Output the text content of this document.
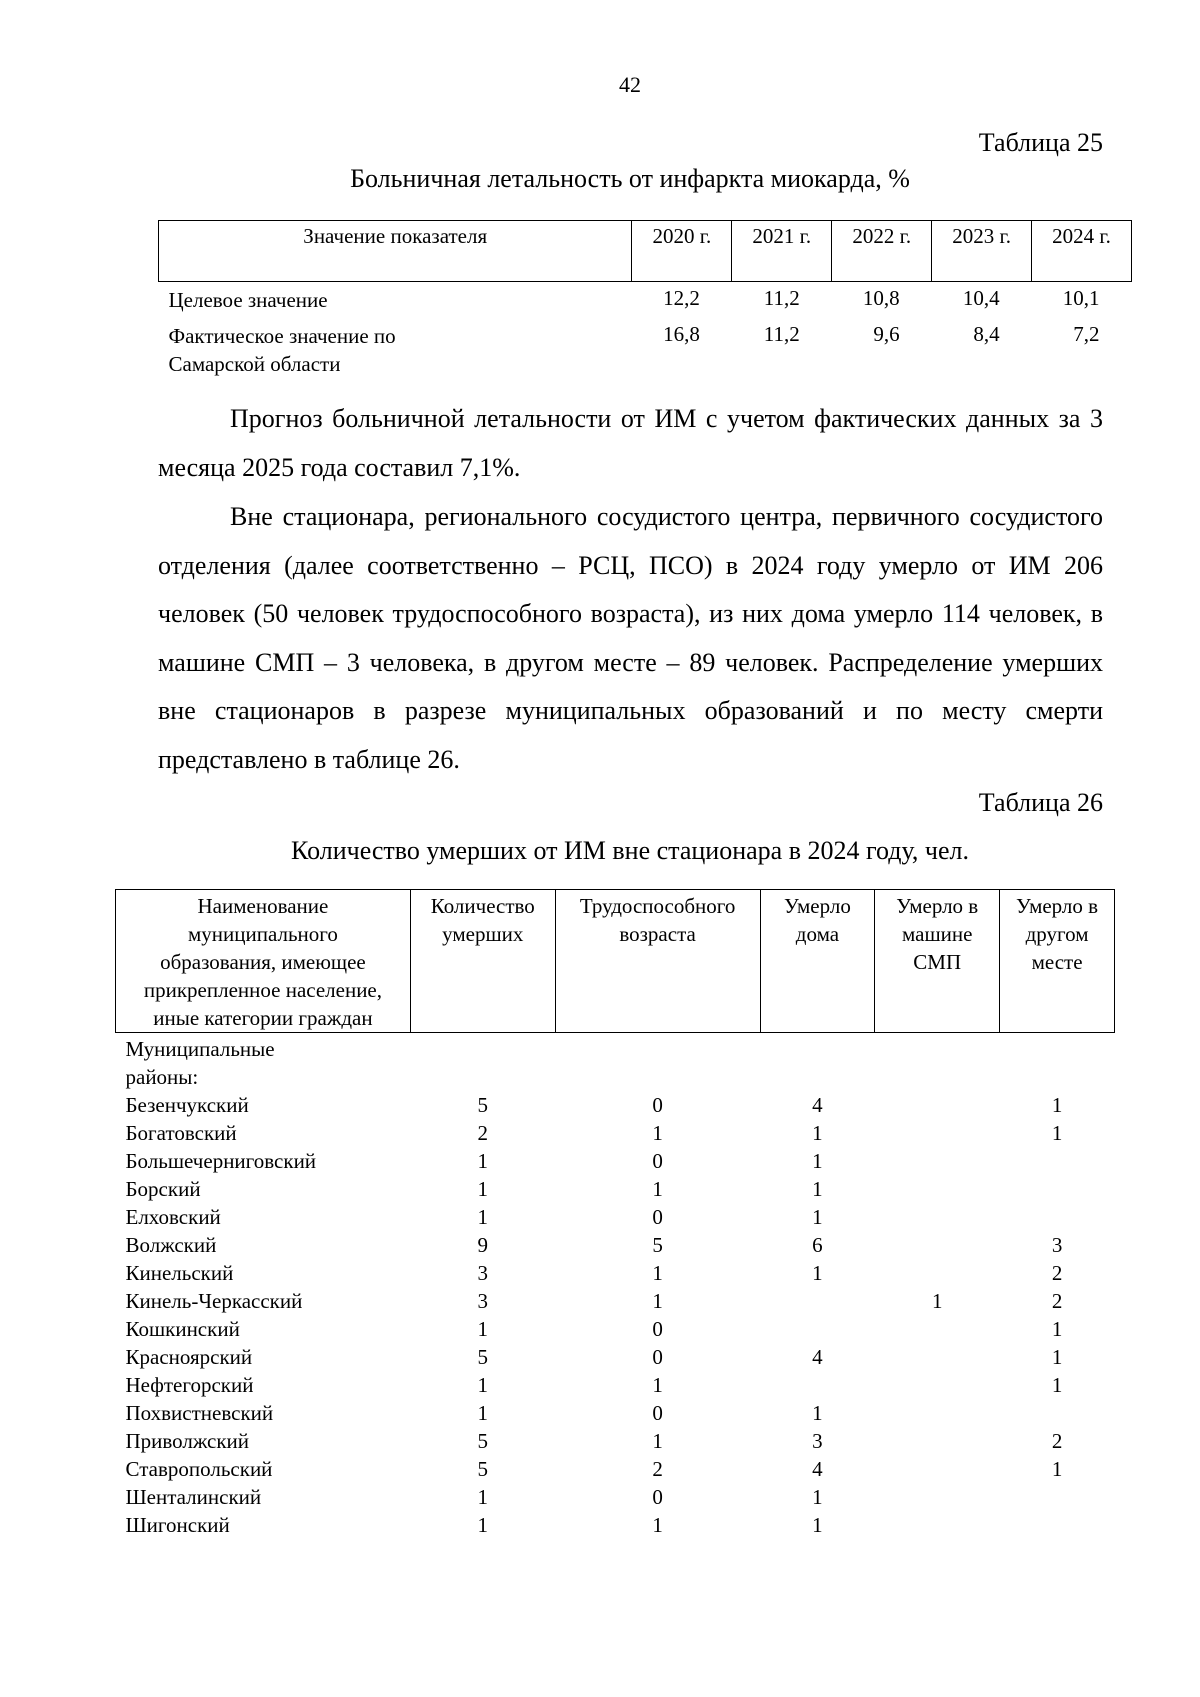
42
Таблица 25
Больничная летальность от инфаркта миокарда, %
Значение показателя	2020 г.	2021 г.	2022 г.	2023 г.	2024 г.
Целевое значение	12,2	11,2	10,8	10,4	10,1
Фактическое значение по Самарской области	16,8	11,2	9,6	8,4	7,2

Прогноз больничной летальности от ИМ с учетом фактических данных за 3 месяца 2025 года составил 7,1%.

Вне стационара, регионального сосудистого центра, первичного сосудистого отделения (далее соответственно – РСЦ, ПСО) в 2024 году умерло от ИМ 206 человек (50 человек трудоспособного возраста), из них дома умерло 114 человек, в машине СМП – 3 человека, в другом месте – 89 человек. Распределение умерших вне стационаров в разрезе муниципальных образований и по месту смерти представлено в таблице 26.

Таблица 26
Количество умерших от ИМ вне стационара в 2024 году, чел.
Наименование муниципального образования, имеющее прикрепленное население, иные категории граждан	Количество умерших	Трудоспособного возраста	Умерло дома	Умерло в машине СМП	Умерло в другом месте
Муниципальные районы:					
Безенчукский	5	0	4		1
Богатовский	2	1	1		1
Большечерниговский	1	0	1		
Борский	1	1	1		
Елховский	1	0	1		
Волжский	9	5	6		3
Кинельский	3	1	1		2
Кинель-Черкасский	3	1		1	2
Кошкинский	1	0			1
Красноярский	5	0	4		1
Нефтегорский	1	1			1
Похвистневский	1	0	1		
Приволжский	5	1	3		2
Ставропольский	5	2	4		1
Шенталинский	1	0	1		
Шигонский	1	1	1		
